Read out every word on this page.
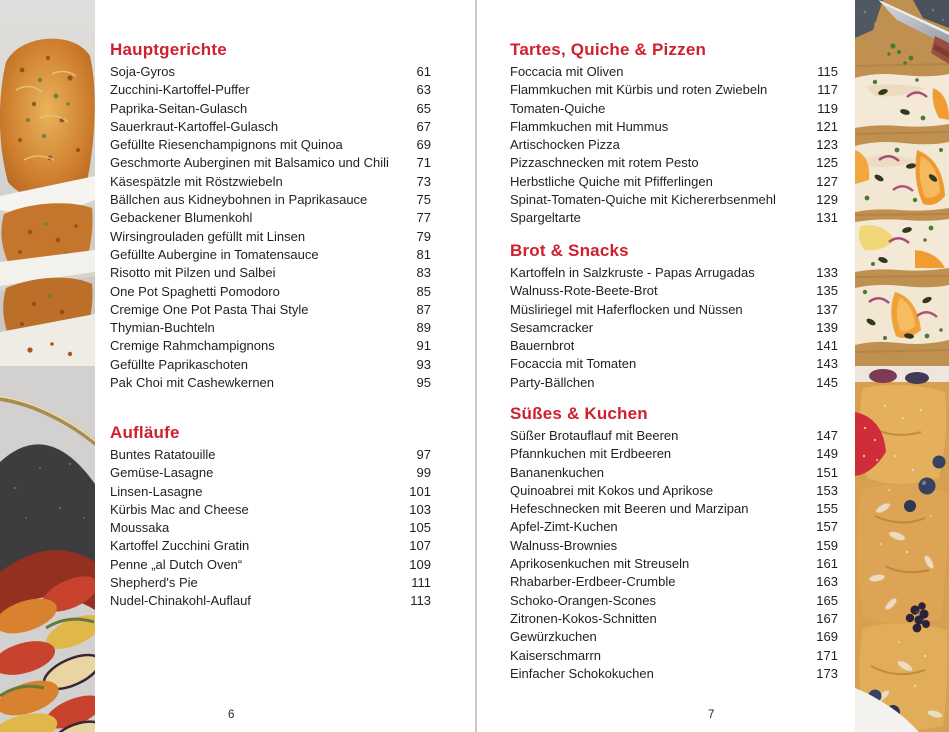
Hauptgerichte
Soja-Gyros	61
Zucchini-Kartoffel-Puffer	63
Paprika-Seitan-Gulasch	65
Sauerkraut-Kartoffel-Gulasch	67
Gefüllte Riesenchampignons mit Quinoa	69
Geschmorte Auberginen mit Balsamico und Chili	71
Käsespätzle mit Röstzwiebeln	73
Bällchen aus Kidneybohnen in Paprikasauce	75
Gebackener Blumenkohl	77
Wirsingrouladen gefüllt mit Linsen	79
Gefüllte Aubergine in Tomatensauce	81
Risotto mit Pilzen und Salbei	83
One Pot Spaghetti Pomodoro	85
Cremige One Pot Pasta Thai Style	87
Thymian-Buchteln	89
Cremige Rahmchampignons	91
Gefüllte Paprikaschoten	93
Pak Choi mit Cashewkernen	95
Aufläufe
Buntes Ratatouille	97
Gemüse-Lasagne	99
Linsen-Lasagne	101
Kürbis Mac and Cheese	103
Moussaka	105
Kartoffel Zucchini Gratin	107
Penne „al Dutch Oven“	109
Shepherd's Pie	111
Nudel-Chinakohl-Auflauf	113
Tartes, Quiche & Pizzen
Foccacia mit Oliven	115
Flammkuchen mit Kürbis und roten Zwiebeln	117
Tomaten-Quiche	119
Flammkuchen mit Hummus	121
Artischocken Pizza	123
Pizzaschnecken mit rotem Pesto	125
Herbstliche Quiche mit Pfifferlingen	127
Spinat-Tomaten-Quiche mit Kichererbsenmehl	129
Spargeltarte	131
Brot & Snacks
Kartoffeln in Salzkruste - Papas Arrugadas	133
Walnuss-Rote-Beete-Brot	135
Müsliriegel mit Haferflocken und Nüssen	137
Sesamcracker	139
Bauernbrot	141
Focaccia mit Tomaten	143
Party-Bällchen	145
Süßes & Kuchen
Süßer Brotauflauf mit Beeren	147
Pfannkuchen mit Erdbeeren	149
Bananenkuchen	151
Quinoabrei mit Kokos und Aprikose	153
Hefeschnecken mit Beeren und Marzipan	155
Apfel-Zimt-Kuchen	157
Walnuss-Brownies	159
Aprikosenkuchen mit Streuseln	161
Rhabarber-Erdbeer-Crumble	163
Schoko-Orangen-Scones	165
Zitronen-Kokos-Schnitten	167
Gewürzkuchen	169
Kaiserschmarrn	171
Einfacher Schokokuchen	173
6	7
